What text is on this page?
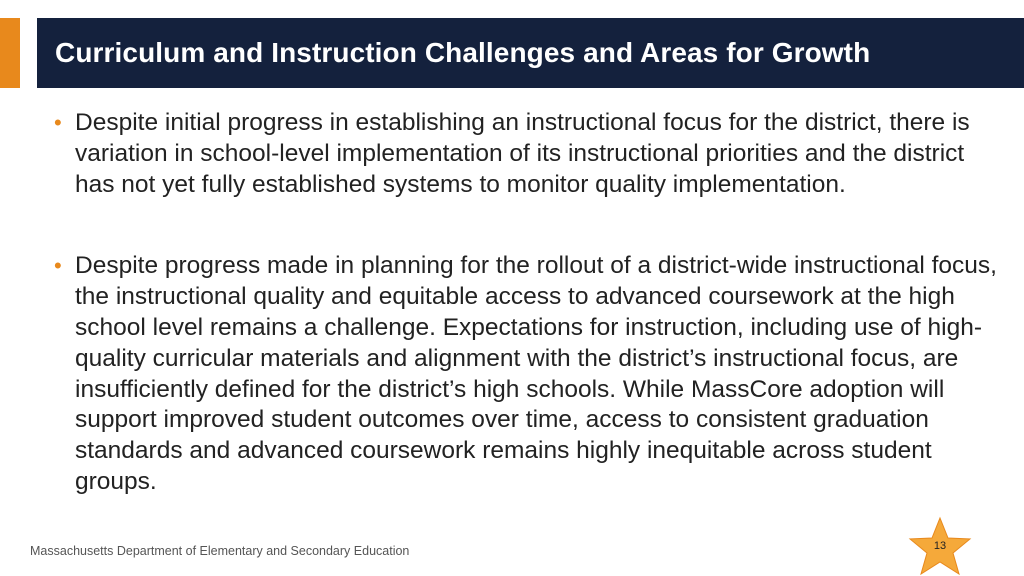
Curriculum and Instruction Challenges and Areas for Growth
• Despite initial progress in establishing an instructional focus for the district, there is variation in school-level implementation of its instructional priorities and the district has not yet fully established systems to monitor quality implementation.
• Despite progress made in planning for the rollout of a district-wide instructional focus, the instructional quality and equitable access to advanced coursework at the high school level remains a challenge. Expectations for instruction, including use of high-quality curricular materials and alignment with the district’s instructional focus, are insufficiently defined for the district’s high schools. While MassCore adoption will support improved student outcomes over time, access to consistent graduation standards and advanced coursework remains highly inequitable across student groups.
Massachusetts Department of Elementary and Secondary Education	13
